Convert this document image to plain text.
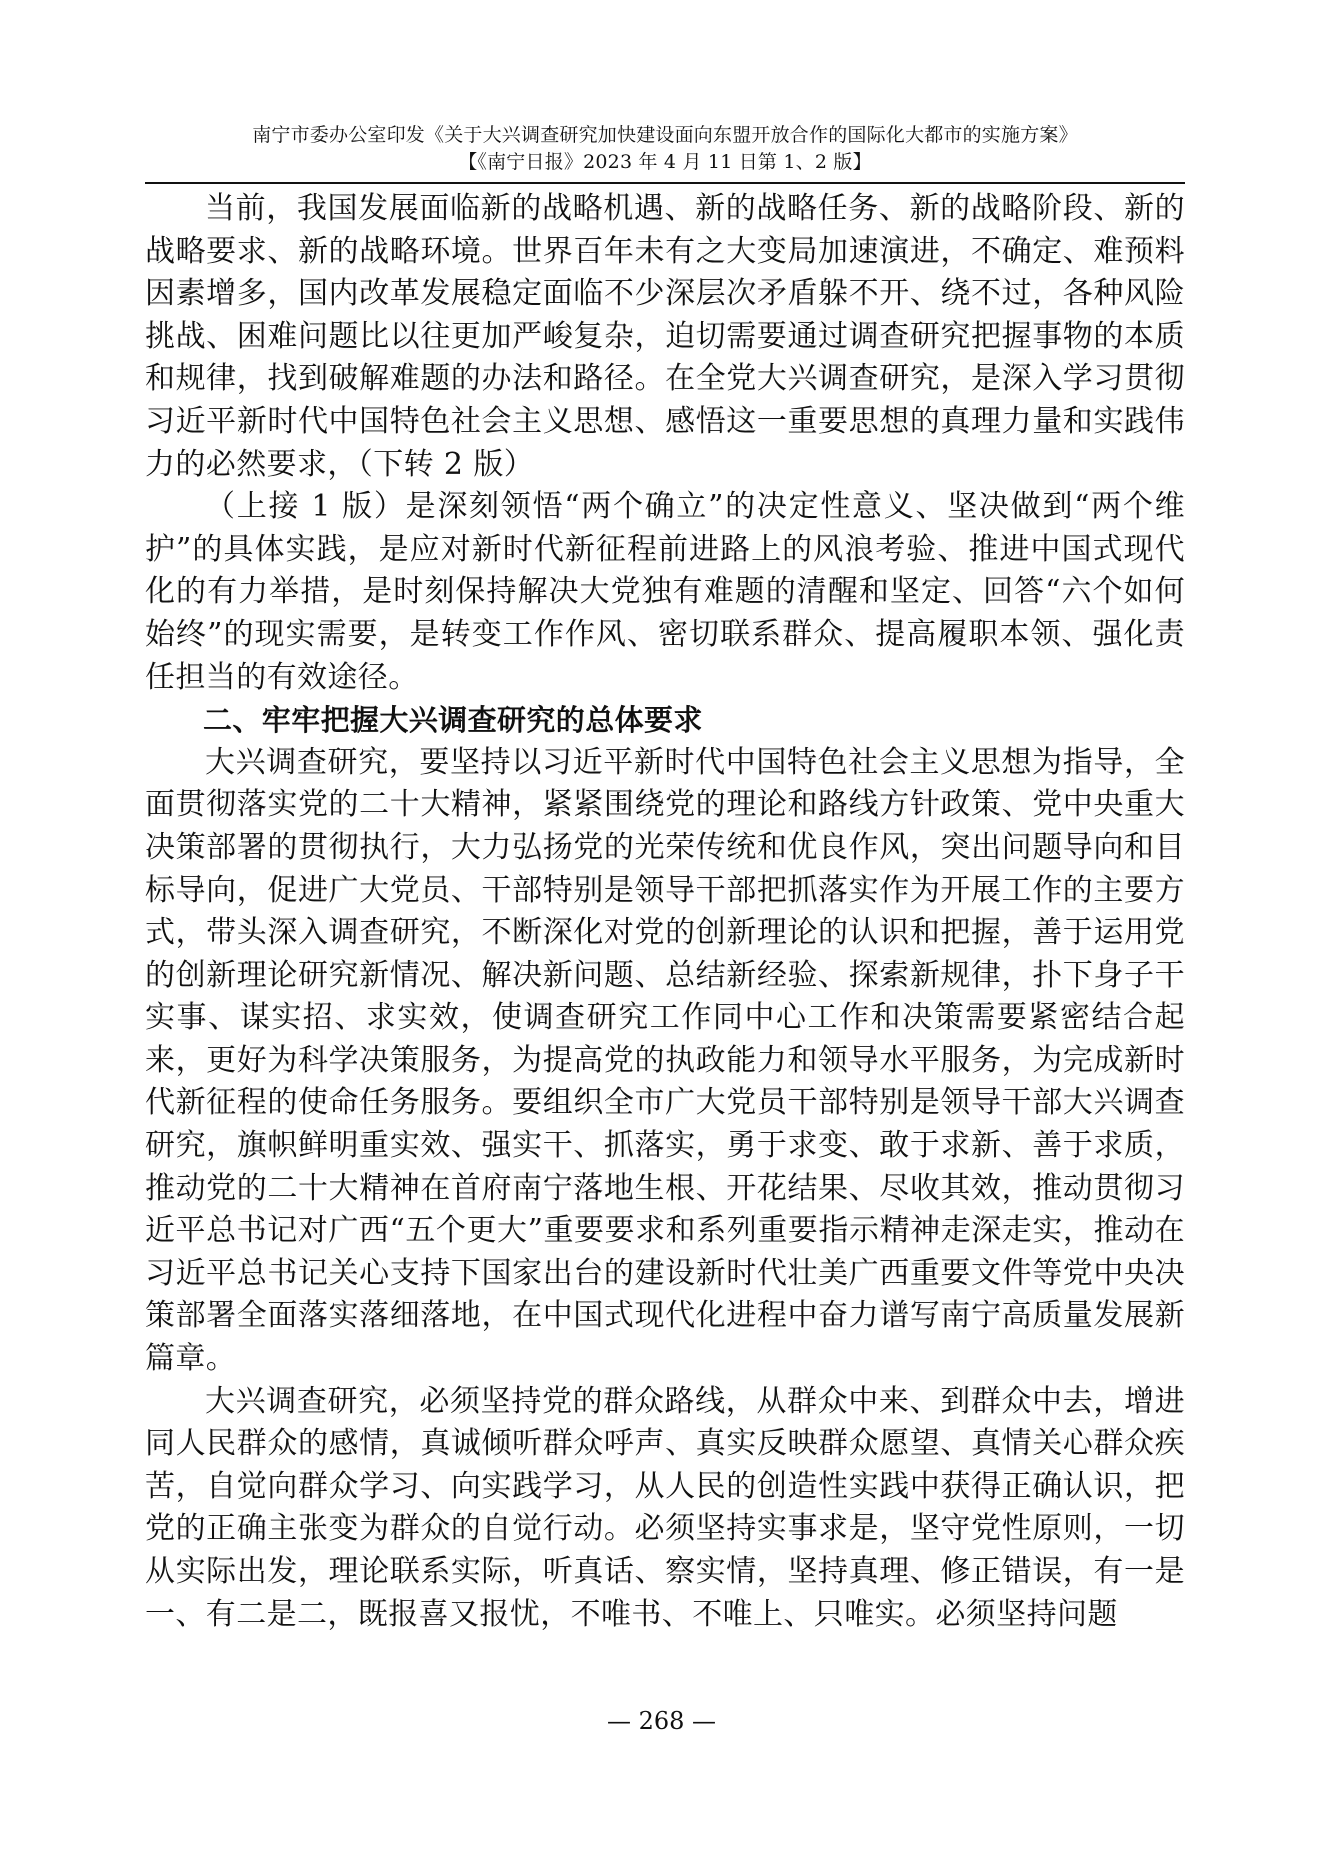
南宁市委办公室印发《关于大兴调查研究加快建设面向东盟开放合作的国际化大都市的实施方案》
【《南宁日报》2023 年 4 月 11 日第 1、2 版】

当前，我国发展面临新的战略机遇、新的战略任务、新的战略阶段、新的战略要求、新的战略环境。世界百年未有之大变局加速演进，不确定、难预料因素增多，国内改革发展稳定面临不少深层次矛盾躲不开、绕不过，各种风险挑战、困难问题比以往更加严峻复杂，迫切需要通过调查研究把握事物的本质和规律，找到破解难题的办法和路径。在全党大兴调查研究，是深入学习贯彻习近平新时代中国特色社会主义思想、感悟这一重要思想的真理力量和实践伟力的必然要求，（下转 2 版）

（上接 1 版）是深刻领悟“两个确立”的决定性意义、坚决做到“两个维护”的具体实践，是应对新时代新征程前进路上的风浪考验、推进中国式现代化的有力举措，是时刻保持解决大党独有难题的清醒和坚定、回答“六个如何始终”的现实需要，是转变工作作风、密切联系群众、提高履职本领、强化责任担当的有效途径。

二、牢牢把握大兴调查研究的总体要求

大兴调查研究，要坚持以习近平新时代中国特色社会主义思想为指导，全面贯彻落实党的二十大精神，紧紧围绕党的理论和路线方针政策、党中央重大决策部署的贯彻执行，大力弘扬党的光荣传统和优良作风，突出问题导向和目标导向，促进广大党员、干部特别是领导干部把抓落实作为开展工作的主要方式，带头深入调查研究，不断深化对党的创新理论的认识和把握，善于运用党的创新理论研究新情况、解决新问题、总结新经验、探索新规律，扑下身子干实事、谋实招、求实效，使调查研究工作同中心工作和决策需要紧密结合起来，更好为科学决策服务，为提高党的执政能力和领导水平服务，为完成新时代新征程的使命任务服务。要组织全市广大党员干部特别是领导干部大兴调查研究，旗帜鲜明重实效、强实干、抓落实，勇于求变、敢于求新、善于求质，推动党的二十大精神在首府南宁落地生根、开花结果、尽收其效，推动贯彻习近平总书记对广西“五个更大”重要要求和系列重要指示精神走深走实，推动在习近平总书记关心支持下国家出台的建设新时代壮美广西重要文件等党中央决策部署全面落实落细落地，在中国式现代化进程中奋力谱写南宁高质量发展新篇章。

大兴调查研究，必须坚持党的群众路线，从群众中来、到群众中去，增进同人民群众的感情，真诚倾听群众呼声、真实反映群众愿望、真情关心群众疾苦，自觉向群众学习、向实践学习，从人民的创造性实践中获得正确认识，把党的正确主张变为群众的自觉行动。必须坚持实事求是，坚守党性原则，一切从实际出发，理论联系实际，听真话、察实情，坚持真理、修正错误，有一是一、有二是二，既报喜又报忧，不唯书、不唯上、只唯实。必须坚持问题

— 268 —
